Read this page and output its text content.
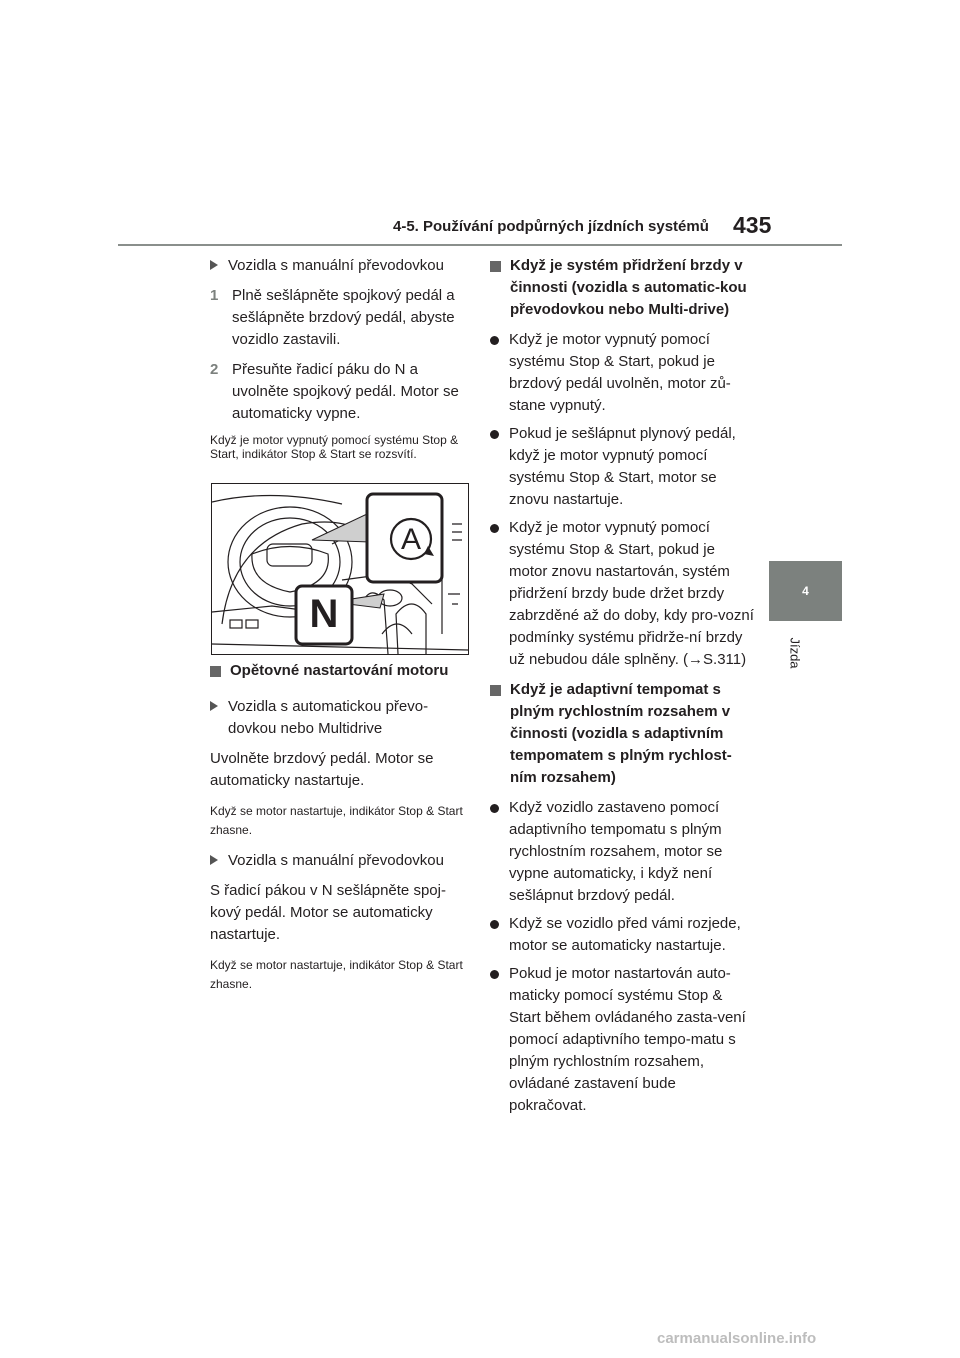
4-5. Používání podpůrných jízdních systémů 435
4
Jízda
Vozidla s manuální převodovkou
1 Plně sešlápněte spojkový pedál a sešlápněte brzdový pedál, abyste vozidlo zastavili.
2 Přesuňte řadicí páku do N a uvolněte spojkový pedál. Motor se automaticky vypne.

Když je motor vypnutý pomocí systému Stop & Start, indikátor Stop & Start se rozsvítí.

A
N
Opětovné nastartování motoru
Vozidla s automatickou převo-dovkou nebo Multidrive

Uvolněte brzdový pedál. Motor se automaticky nastartuje.

Když se motor nastartuje, indikátor Stop & Start zhasne.

Vozidla s manuální převodovkou

S řadicí pákou v N sešlápněte spoj-kový pedál. Motor se automaticky nastartuje.

Když se motor nastartuje, indikátor Stop & Start zhasne.

Když je systém přidržení brzdy v činnosti (vozidla s automatic-kou převodovkou nebo Multi-drive)
Když je motor vypnutý pomocí systému Stop & Start, pokud je brzdový pedál uvolněn, motor zů-stane vypnutý.
Pokud je sešlápnut plynový pedál, když je motor vypnutý pomocí systému Stop & Start, motor se znovu nastartuje.
Když je motor vypnutý pomocí systému Stop & Start, pokud je motor znovu nastartován, systém přidržení brzdy bude držet brzdy zabrzděné až do doby, kdy pro-vozní podmínky systému přidrže-ní brzdy už nebudou dále splněny. (→S.311)
Když je adaptivní tempomat s plným rychlostním rozsahem v činnosti (vozidla s adaptivním tempomatem s plným rychlost-ním rozsahem)
Když vozidlo zastaveno pomocí adaptivního tempomatu s plným rychlostním rozsahem, motor se vypne automaticky, i když není sešlápnut brzdový pedál.
Když se vozidlo před vámi rozjede, motor se automaticky nastartuje.
Pokud je motor nastartován auto-maticky pomocí systému Stop & Start během ovládaného zasta-vení pomocí adaptivního tempo-matu s plným rychlostním rozsahem, ovládané zastavení bude pokračovat.
carmanualsonline.info
